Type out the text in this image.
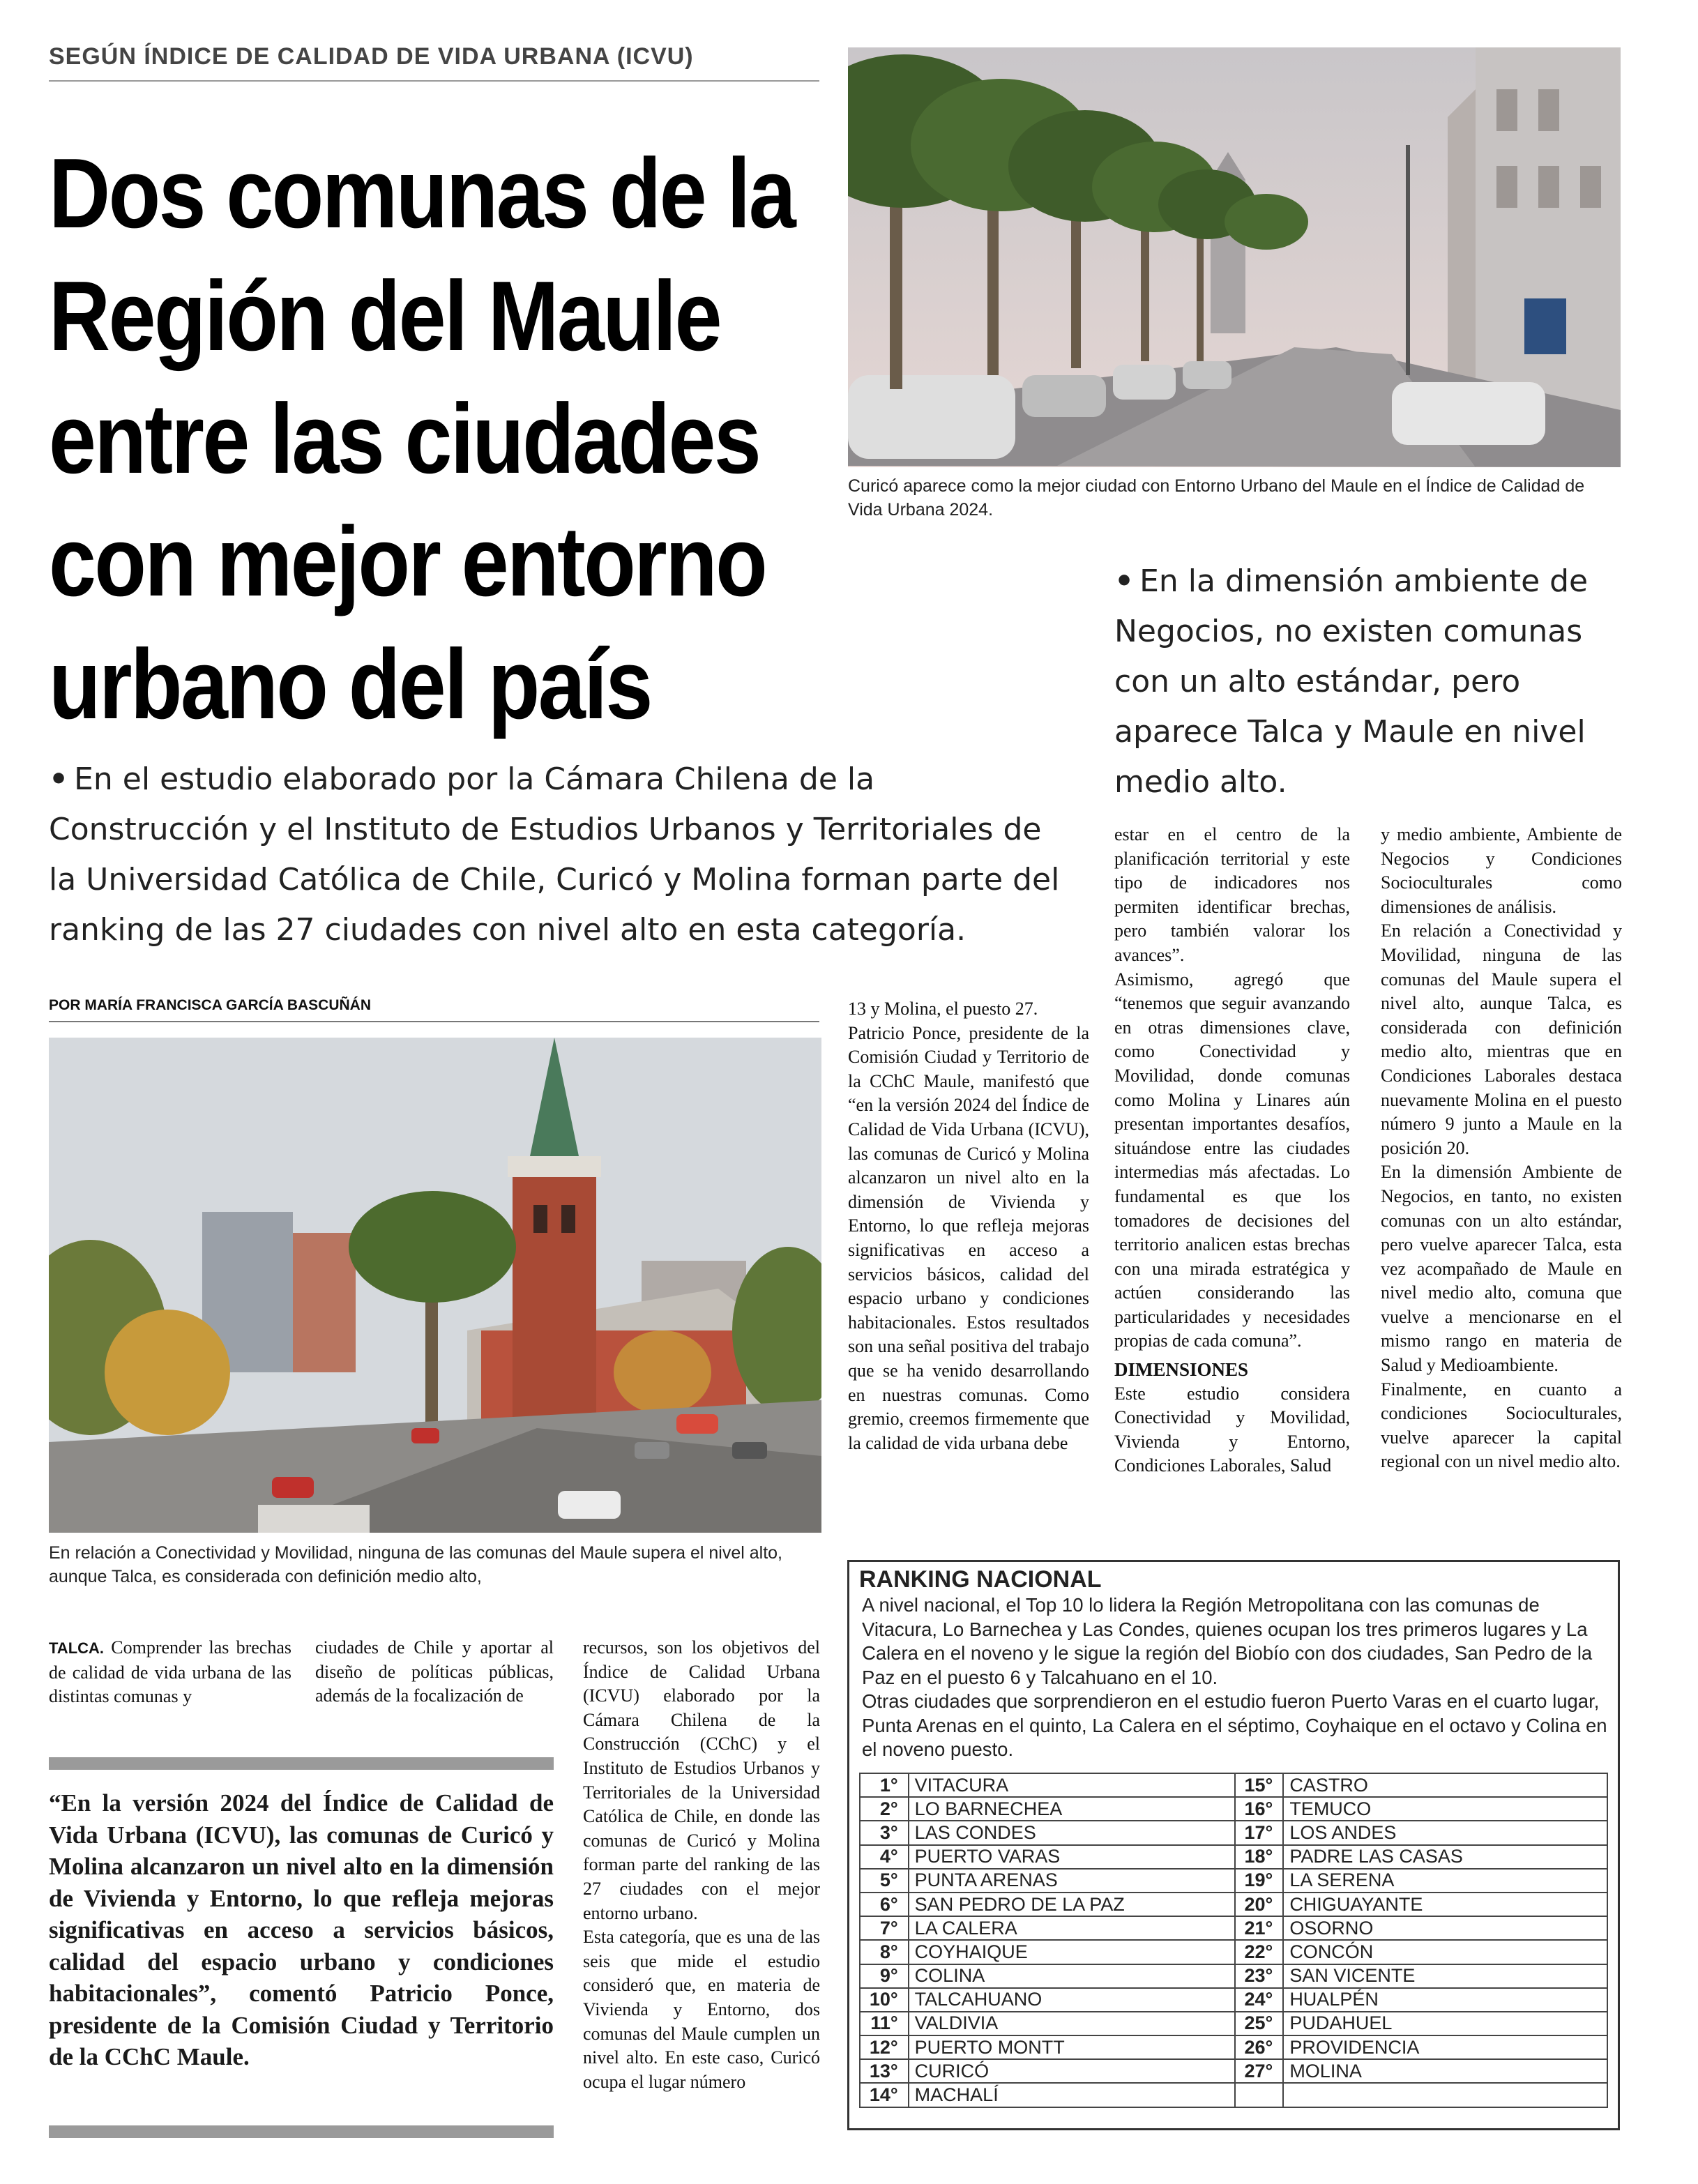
SEGÚN ÍNDICE DE CALIDAD DE VIDA URBANA (ICVU)
Dos comunas de la
Región del Maule
entre las ciudades
con mejor entorno
urbano del país
Curicó aparece como la mejor ciudad con Entorno Urbano del Maule en el Índice de Calidad de Vida Urbana 2024.
• En la dimensión ambiente de Negocios, no existen comunas con un alto estándar, pero aparece Talca y Maule en nivel medio alto.
• En el estudio elaborado por la Cámara Chilena de la Construcción y el Instituto de Estudios Urbanos y Territoriales de la Universidad Católica de Chile, Curicó y Molina forman parte del ranking de las 27 ciudades con nivel alto en esta categoría.
POR MARÍA FRANCISCA GARCÍA BASCUÑÁN
En relación a Conectividad y Movilidad, ninguna de las comunas del Maule supera el nivel alto, aunque Talca, es considerada con definición medio alto,

TALCA. Comprender las brechas de calidad de vida urbana de las distintas comunas y

ciudades de Chile y aportar al diseño de políticas públicas, además de la focalización de

“En la versión 2024 del Índice de Calidad de Vida Urbana (ICVU), las comunas de Curicó y Molina alcanzaron un nivel alto en la dimensión de Vivienda y Entorno, lo que refleja mejoras significativas en acceso a servicios básicos, calidad del espacio urbano y condiciones habitacionales”, comentó Patricio Ponce, presidente de la Comisión Ciudad y Territorio de la CChC Maule.

recursos, son los objetivos del Índice de Calidad Urbana (ICVU) elaborado por la Cámara Chilena de la Construcción (CChC) y el Instituto de Estudios Urbanos y Territoriales de la Universidad Católica de Chile, en donde las comunas de Curicó y Molina forman parte del ranking de las 27 ciudades con el mejor entorno urbano.

Esta categoría, que es una de las seis que mide el estudio consideró que, en materia de Vivienda y Entorno, dos comunas del Maule cumplen un nivel alto. En este caso, Curicó ocupa el lugar número

13 y Molina, el puesto 27.

Patricio Ponce, presidente de la Comisión Ciudad y Territorio de la CChC Maule, manifestó que “en la versión 2024 del Índice de Calidad de Vida Urbana (ICVU), las comunas de Curicó y Molina alcanzaron un nivel alto en la dimensión de Vivienda y Entorno, lo que refleja mejoras significativas en acceso a servicios básicos, calidad del espacio urbano y condiciones habitacionales. Estos resultados son una señal positiva del trabajo que se ha venido desarrollando en nuestras comunas. Como gremio, creemos firmemente que la calidad de vida urbana debe

estar en el centro de la planificación territorial y este tipo de indicadores nos permiten identificar brechas, pero también valorar los avances”.

Asimismo, agregó que “tenemos que seguir avanzando en otras dimensiones clave, como Conectividad y Movilidad, donde comunas como Molina y Linares aún presentan importantes desafíos, situándose entre las ciudades intermedias más afectadas. Lo fundamental es que los tomadores de decisiones del territorio analicen estas brechas con una mirada estratégica y actúen considerando las particularidades y necesidades propias de cada comuna”.

DIMENSIONES

Este estudio considera Conectividad y Movilidad, Vivienda y Entorno, Condiciones Laborales, Salud

y medio ambiente, Ambiente de Negocios y Condiciones Socioculturales como dimensiones de análisis.

En relación a Conectividad y Movilidad, ninguna de las comunas del Maule supera el nivel alto, aunque Talca, es considerada con definición medio alto, mientras que en Condiciones Laborales destaca nuevamente Molina en el puesto número 9 junto a Maule en la posición 20.

En la dimensión Ambiente de Negocios, en tanto, no existen comunas con un alto estándar, pero vuelve aparecer Talca, esta vez acompañado de Maule en nivel medio alto, comuna que vuelve a mencionarse en el mismo rango en materia de Salud y Medioambiente.

Finalmente, en cuanto a condiciones Socioculturales, vuelve aparecer la capital regional con un nivel medio alto.

RANKING NACIONAL
A nivel nacional, el Top 10 lo lidera la Región Metropolitana con las comunas de Vitacura, Lo Barnechea y Las Condes, quienes ocupan los tres primeros lugares y La Calera en el noveno y le sigue la región del Biobío con dos ciudades, San Pedro de la Paz en el puesto 6 y Talcahuano en el 10.
Otras ciudades que sorprendieron en el estudio fueron Puerto Varas en el cuarto lugar, Punta Arenas en el quinto, La Calera en el séptimo, Coyhaique en el octavo y Colina en el noveno puesto.
1°	VITACURA	15°	CASTRO
2°	LO BARNECHEA	16°	TEMUCO
3°	LAS CONDES	17°	LOS ANDES
4°	PUERTO VARAS	18°	PADRE LAS CASAS
5°	PUNTA ARENAS	19°	LA SERENA
6°	SAN PEDRO DE LA PAZ	20°	CHIGUAYANTE
7°	LA CALERA	21°	OSORNO
8°	COYHAIQUE	22°	CONCÓN
9°	COLINA	23°	SAN VICENTE
10°	TALCAHUANO	24°	HUALPÉN
11°	VALDIVIA	25°	PUDAHUEL
12°	PUERTO MONTT	26°	PROVIDENCIA
13°	CURICÓ	27°	MOLINA
14°	MACHALÍ		
